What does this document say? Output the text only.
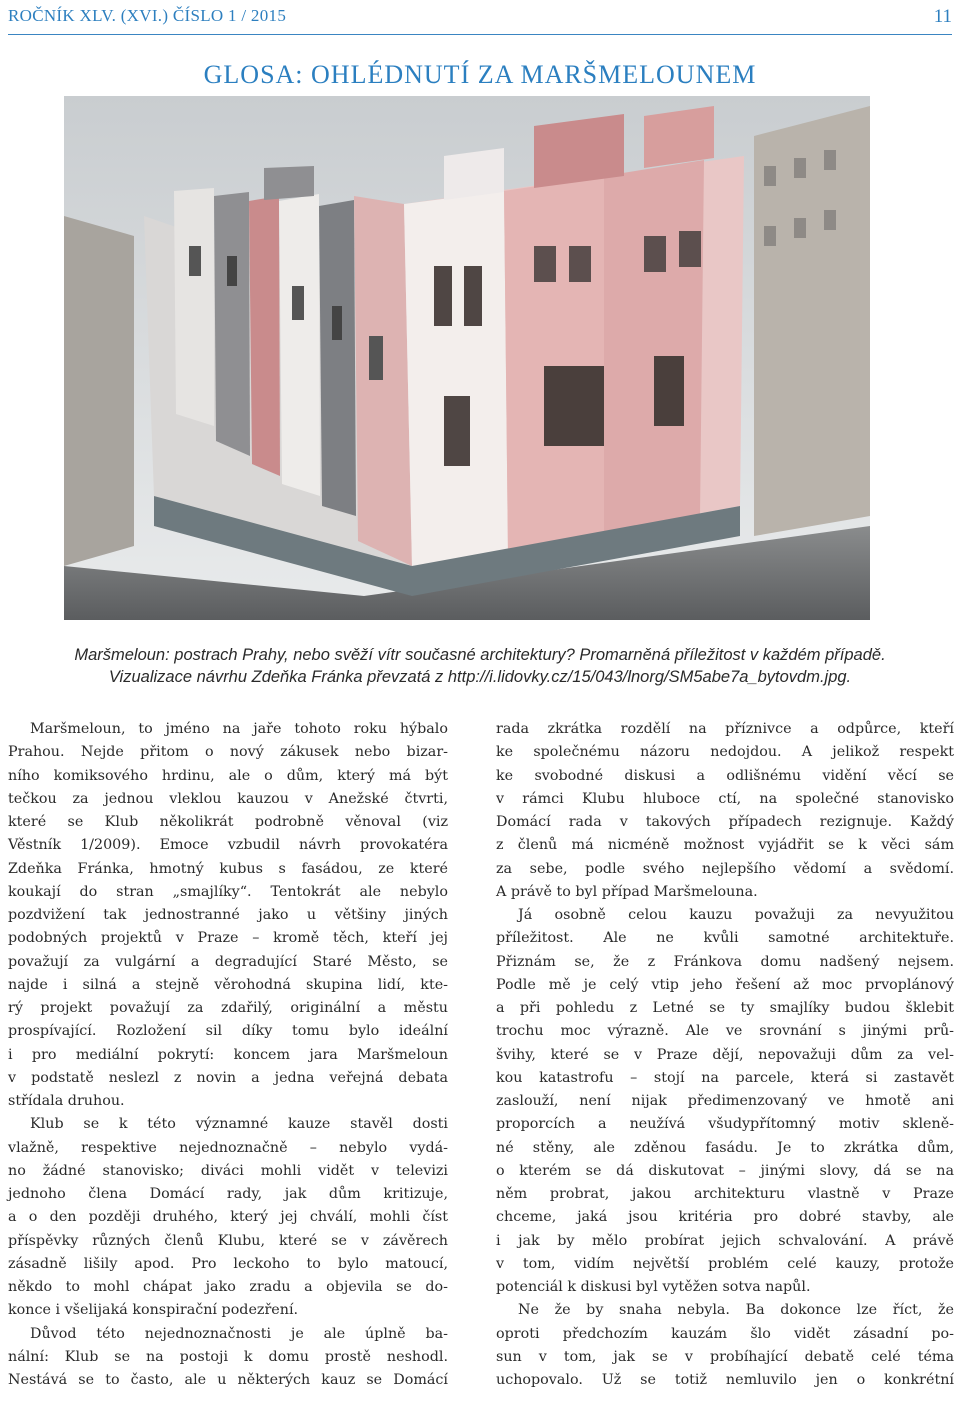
ROČNÍK XLV. (XVI.) ČÍSLO 1 / 2015	11
GLOSA: OHLÉDNUTÍ ZA MARŠMELOUNEM
Maršmeloun: postrach Prahy, nebo svěží vítr současné architektury? Promarněná příležitost v každém případě.
Vizualizace návrhu Zdeňka Fránka převzatá z http://i.lidovky.cz/15/043/lnorg/SM5abe7a_bytovdm.jpg.
Maršmeloun, to jméno na jaře tohoto roku hýbalo
Prahou. Nejde přitom o nový zákusek nebo bizar-
ního komiksového hrdinu, ale o dům, který má být
tečkou za jednou vleklou kauzou v Anežské čtvrti,
které se Klub několikrát podrobně věnoval (viz
Věstník 1/2009). Emoce vzbudil návrh provokatéra
Zdeňka Fránka, hmotný kubus s fasádou, ze které
koukají do stran „smajlíky“. Tentokrát ale nebylo
pozdvižení tak jednostranné jako u většiny jiných
podobných projektů v Praze – kromě těch, kteří jej
považují za vulgární a degradující Staré Město, se
najde i silná a stejně věrohodná skupina lidí, kte-
rý projekt považují za zdařilý, originální a městu
prospívající. Rozložení sil díky tomu bylo ideální
i pro mediální pokrytí: koncem jara Maršmeloun
v podstatě neslezl z novin a jedna veřejná debata
střídala druhou.
Klub se k této významné kauze stavěl dosti
vlažně, respektive nejednoznačně – nebylo vydá-
no žádné stanovisko; diváci mohli vidět v televizi
jednoho člena Domácí rady, jak dům kritizuje,
a o den později druhého, který jej chválí, mohli číst
příspěvky různých členů Klubu, které se v závěrech
zásadně lišily apod. Pro leckoho to bylo matoucí,
někdo to mohl chápat jako zradu a objevila se do-
konce i všelijaká konspirační podezření.
Důvod této nejednoznačnosti je ale úplně ba-
nální: Klub se na postoji k domu prostě neshodl.
Nestává se to často, ale u některých kauz se Domácí
rada zkrátka rozdělí na příznivce a odpůrce, kteří
ke společnému názoru nedojdou. A jelikož respekt
ke svobodné diskusi a odlišnému vidění věcí se
v rámci Klubu hluboce ctí, na společné stanovisko
Domácí rada v takových případech rezignuje. Každý
z členů má nicméně možnost vyjádřit se k věci sám
za sebe, podle svého nejlepšího vědomí a svědomí.
A právě to byl případ Maršmelouna.
Já osobně celou kauzu považuji za nevyužitou
příležitost. Ale ne kvůli samotné architektuře.
Přiznám se, že z Fránkova domu nadšený nejsem.
Podle mě je celý vtip jeho řešení až moc prvoplánový
a při pohledu z Letné se ty smajlíky budou šklebit
trochu moc výrazně. Ale ve srovnání s jinými prů-
švihy, které se v Praze dějí, nepovažuji dům za vel-
kou katastrofu – stojí na parcele, která si zastavět
zaslouží, není nijak předimenzovaný ve hmotě ani
proporcích a neužívá všudypřítomný motiv skleně-
né stěny, ale zděnou fasádu. Je to zkrátka dům,
o kterém se dá diskutovat – jinými slovy, dá se na
něm probrat, jakou architekturu vlastně v Praze
chceme, jaká jsou kritéria pro dobré stavby, ale
i jak by mělo probírat jejich schvalování. A právě
v tom, vidím největší problém celé kauzy, protože
potenciál k diskusi byl vytěžen sotva napůl.
Ne že by snaha nebyla. Ba dokonce lze říct, že
oproti předchozím kauzám šlo vidět zásadní po-
sun v tom, jak se v probíhající debatě celé téma
uchopovalo. Už se totiž nemluvilo jen o konkrétní
